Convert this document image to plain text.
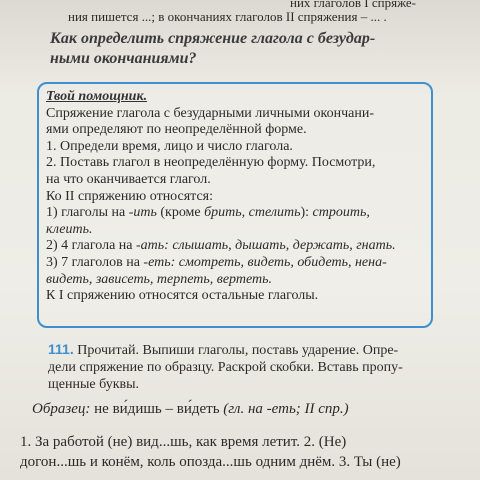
них глаголов I спряже-
ния пишется ...; в окончаниях глаголов II спряжения – ... .
Как определить спряжение глагола с безудар-
ными окончаниями?

Твой помощник.

Спряжение глагола с безударными личными окончани-

ями определяют по неопределённой форме.

1. Определи время, лицо и число глагола.

2. Поставь глагол в неопределённую форму. Посмотри,

на что оканчивается глагол.

Ко II спряжению относятся:

1) глаголы на -ить (кроме брить, стелить): строить,

клеить.

2) 4 глагола на -ать: слышать, дышать, держать, гнать.

3) 7 глаголов на -еть: смотреть, видеть, обидеть, нена-

видеть, зависеть, терпеть, вертеть.

К I спряжению относятся остальные глаголы.

111. Прочитай. Выпиши глаголы, поставь ударение. Опре-
дели спряжение по образцу. Раскрой скобки. Вставь пропу-
щенные буквы.
Образец: не ви́дишь – ви́деть (гл. на -еть; II спр.)
1. За работой (не) вид...шь, как время летит. 2. (Не)
догон...шь и конём, коль опозда...шь одним днём. 3. Ты (не)
